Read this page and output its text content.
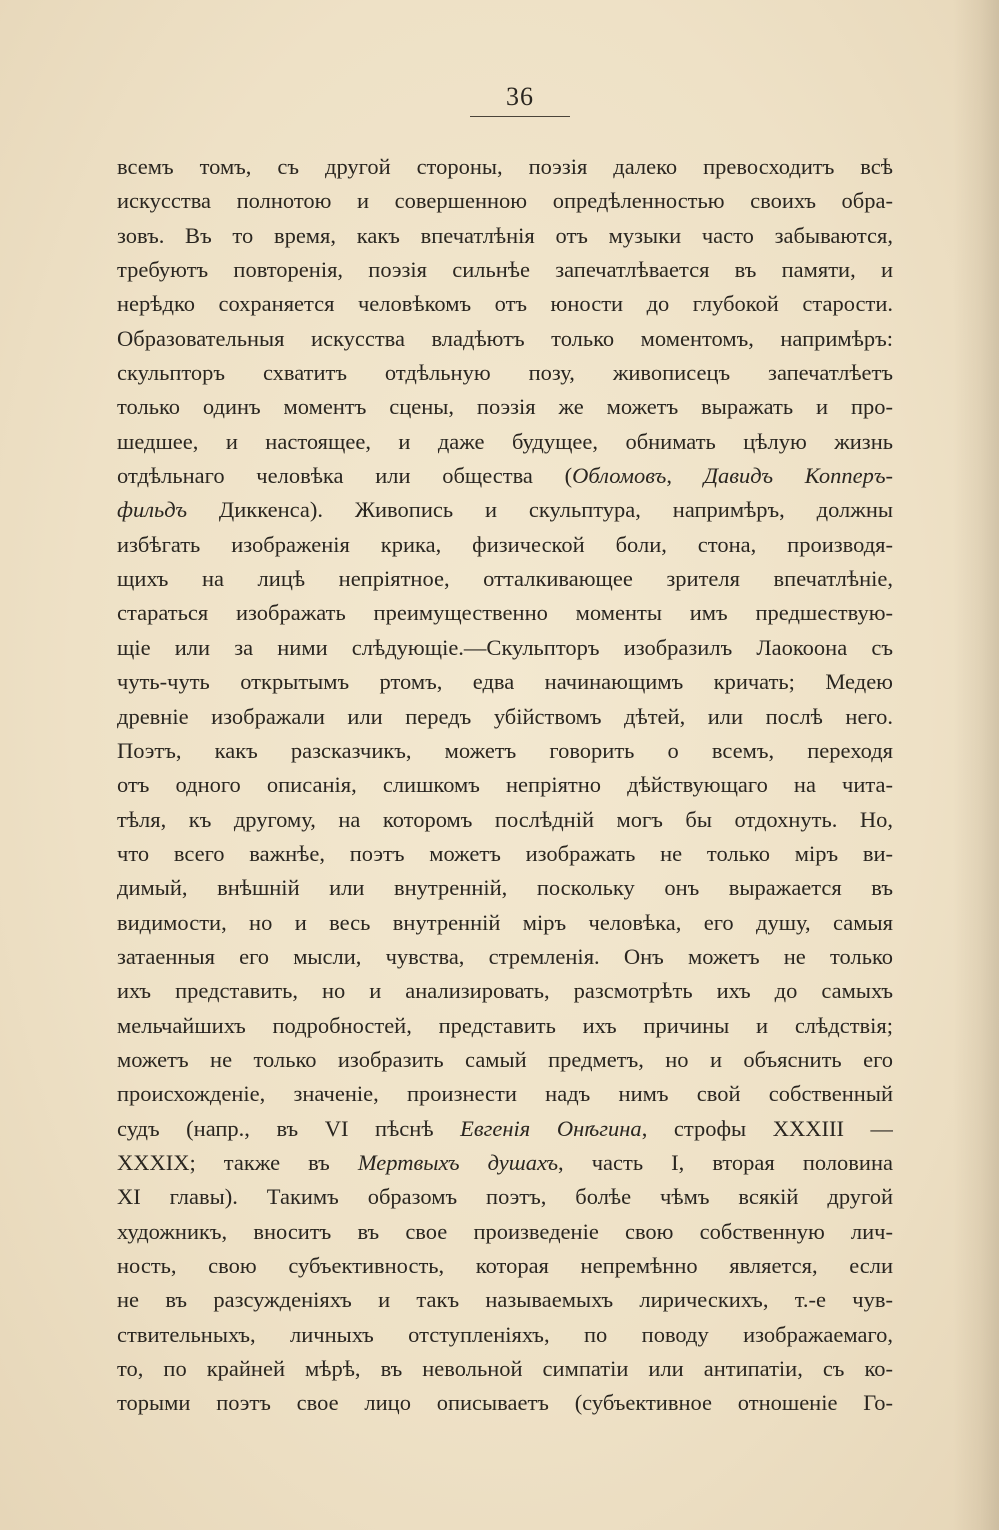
36
всемъ томъ, съ другой стороны, поэзія далеко превосходитъ всѣ
искусства полнотою и совершенною опредѣленностью своихъ обра-
зовъ. Въ то время, какъ впечатлѣнія отъ музыки часто забываются,
требуютъ повторенія, поэзія сильнѣе запечатлѣвается въ памяти, и
нерѣдко сохраняется человѣкомъ отъ юности до глубокой старости.
Образовательныя искусства владѣютъ только моментомъ, напримѣръ:
скульпторъ схватитъ отдѣльную позу, живописецъ запечатлѣетъ
только одинъ моментъ сцены, поэзія же можетъ выражать и про-
шедшее, и настоящее, и даже будущее, обнимать цѣлую жизнь
отдѣльнаго человѣка или общества (Обломовъ, Давидъ Копперъ-
фильдъ Диккенса). Живопись и скульптура, напримѣръ, должны
избѣгать изображенія крика, физической боли, стона, производя-
щихъ на лицѣ непріятное, отталкивающее зрителя впечатлѣніе,
стараться изображать преимущественно моменты имъ предшествую-
щіе или за ними слѣдующіе.—Скульпторъ изобразилъ Лаокоона съ
чуть-чуть открытымъ ртомъ, едва начинающимъ кричать; Медею
древніе изображали или передъ убійствомъ дѣтей, или послѣ него.
Поэтъ, какъ разсказчикъ, можетъ говорить о всемъ, переходя
отъ одного описанія, слишкомъ непріятно дѣйствующаго на чита-
тѣля, къ другому, на которомъ послѣдній могъ бы отдохнуть. Но,
что всего важнѣе, поэтъ можетъ изображать не только міръ ви-
димый, внѣшній или внутренній, поскольку онъ выражается въ
видимости, но и весь внутренній міръ человѣка, его душу, самыя
затаенныя его мысли, чувства, стремленія. Онъ можетъ не только
ихъ представить, но и анализировать, разсмотрѣть ихъ до самыхъ
мельчайшихъ подробностей, представить ихъ причины и слѣдствія;
можетъ не только изобразить самый предметъ, но и объяснить его
происхожденіе, значеніе, произнести надъ нимъ свой собственный
судъ (напр., въ VI пѣснѣ Евгенія Онѣгина, строфы XXXIII —
XXXIX; также въ Мертвыхъ душахъ, часть I, вторая половина
XI главы). Такимъ образомъ поэтъ, болѣе чѣмъ всякій другой
художникъ, вноситъ въ свое произведеніе свою собственную лич-
ность, свою субъективность, которая непремѣнно является, если
не въ разсужденіяхъ и такъ называемыхъ лирическихъ, т.-е чув-
ствительныхъ, личныхъ отступленіяхъ, по поводу изображаемаго,
то, по крайней мѣрѣ, въ невольной симпатіи или антипатіи, съ ко-
торыми поэтъ свое лицо описываетъ (субъективное отношеніе Го-
